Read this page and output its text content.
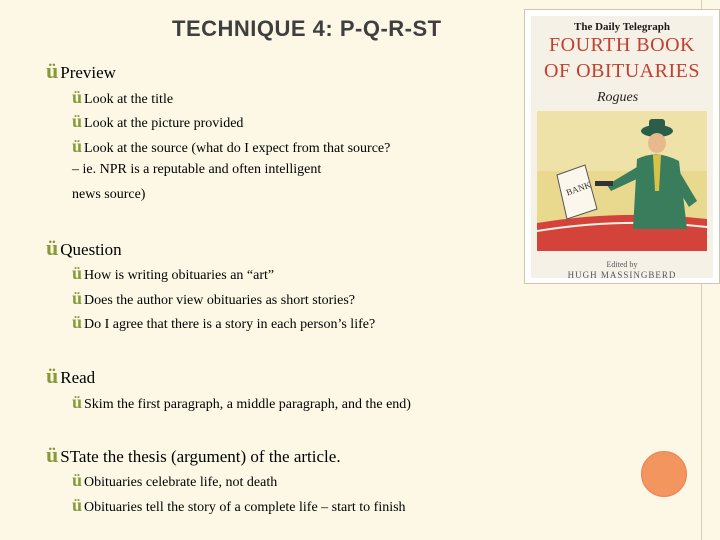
TECHNIQUE 4: P-Q-R-ST
ü Preview
ü Look at the title
ü Look at the picture provided
ü Look at the source (what do I expect from that source?
– ie. NPR is a reputable and often intelligent
news source)
ü Question
ü How is writing obituaries an “art”
ü Does the author view obituaries as short stories?
ü Do I agree that there is a story in each person’s life?
ü Read
ü Skim the first paragraph, a middle paragraph, and the end)
ü STate the thesis (argument) of the article.
ü Obituaries celebrate life, not death
ü Obituaries tell the story of a complete life – start to finish
The Daily Telegraph
FOURTH BOOK
OF OBITUARIES
Rogues
BANK
Edited by
HUGH MASSINGBERD
